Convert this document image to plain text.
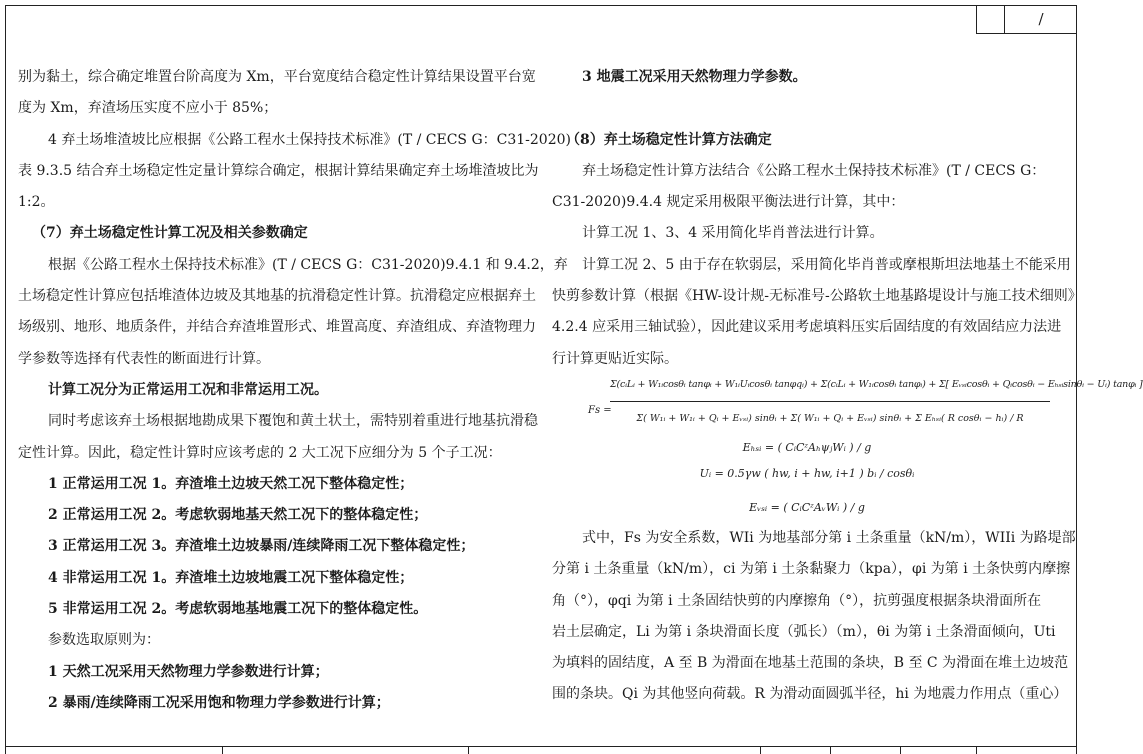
/

别为黏土，综合确定堆置台阶高度为 Xm，平台宽度结合稳定性计算结果设置平台宽

度为 Xm，弃渣场压实度不应小于 85%；

4 弃土场堆渣坡比应根据《公路工程水土保持技术标准》(T / CECS G：C31-2020)

表 9.3.5 结合弃土场稳定性定量计算综合确定，根据计算结果确定弃土场堆渣坡比为

1:2。

（7）弃土场稳定性计算工况及相关参数确定

根据《公路工程水土保持技术标准》(T / CECS G：C31-2020)9.4.1 和 9.4.2，弃

土场稳定性计算应包括堆渣体边坡及其地基的抗滑稳定性计算。抗滑稳定应根据弃土

场级别、地形、地质条件，并结合弃渣堆置形式、堆置高度、弃渣组成、弃渣物理力

学参数等选择有代表性的断面进行计算。

计算工况分为正常运用工况和非常运用工况。

同时考虑该弃土场根据地勘成果下覆饱和黄土状土，需特别着重进行地基抗滑稳

定性计算。因此，稳定性计算时应该考虑的 2 大工况下应细分为 5 个子工况：

1 正常运用工况 1。弃渣堆土边坡天然工况下整体稳定性；

2 正常运用工况 2。考虑软弱地基天然工况下的整体稳定性；

3 正常运用工况 3。弃渣堆土边坡暴雨/连续降雨工况下整体稳定性；

4 非常运用工况 1。弃渣堆土边坡地震工况下整体稳定性；

5 非常运用工况 2。考虑软弱地基地震工况下的整体稳定性。

参数选取原则为：

1 天然工况采用天然物理力学参数进行计算；

2 暴雨/连续降雨工况采用饱和物理力学参数进行计算；

3 地震工况采用天然物理力学参数。

（8）弃土场稳定性计算方法确定

弃土场稳定性计算方法结合《公路工程水土保持技术标准》(T / CECS G：

C31-2020)9.4.4 规定采用极限平衡法进行计算，其中：

计算工况 1、3、4 采用简化毕肖普法进行计算。

计算工况 2、5 由于存在软弱层，采用简化毕肖普或摩根斯坦法地基土不能采用

快剪参数计算（根据《HW-设计规-无标准号-公路软土地基路堤设计与施工技术细则》

4.2.4 应采用三轴试验），因此建议采用考虑填料压实后固结度的有效固结应力法进

行计算更贴近实际。

Fs =
Σ(cᵢLᵢ + W₁ᵢcosθᵢ tanφᵢ + W₁ᵢUᵢcosθᵢ tanφqᵢ) + Σ(cᵢLᵢ + W₁ᵢcosθᵢ tanφᵢ) + Σ[ Eᵥₛᵢcosθᵢ + Qᵢcosθᵢ − Eₕₛᵢsinθᵢ − Uᵢ) tanφᵢ ]
Σ( W₁ᵢ + W₁ᵢ + Qᵢ + Eᵥₛᵢ) sinθᵢ + Σ( W₁ᵢ + Qᵢ + Eᵥₛᵢ) sinθᵢ + Σ Eₕₛᵢ( R cosθᵢ − hᵢ) / R
Eₕₛᵢ = ( CᵢCᶻAₕψⱼWᵢ ) / g
Uᵢ = 0.5γw ( hw, i + hw, i+1 ) bᵢ / cosθᵢ
Eᵥₛᵢ = ( CᵢCᶻAᵥWᵢ ) / g

式中，Fs 为安全系数，WIi 为地基部分第 i 土条重量（kN/m），WIIi 为路堤部

分第 i 土条重量（kN/m），ci 为第 i 土条黏聚力（kpa），φi 为第 i 土条快剪内摩擦

角（°），φqi 为第 i 土条固结快剪的内摩擦角（°），抗剪强度根据条块滑面所在

岩土层确定，Li 为第 i 条块滑面长度（弧长）（m），θi 为第 i 土条滑面倾向，Uti

为填料的固结度，A 至 B 为滑面在地基土范围的条块，B 至 C 为滑面在堆土边坡范

围的条块。Qi 为其他竖向荷载。R 为滑动面圆弧半径，hi 为地震力作用点（重心）
